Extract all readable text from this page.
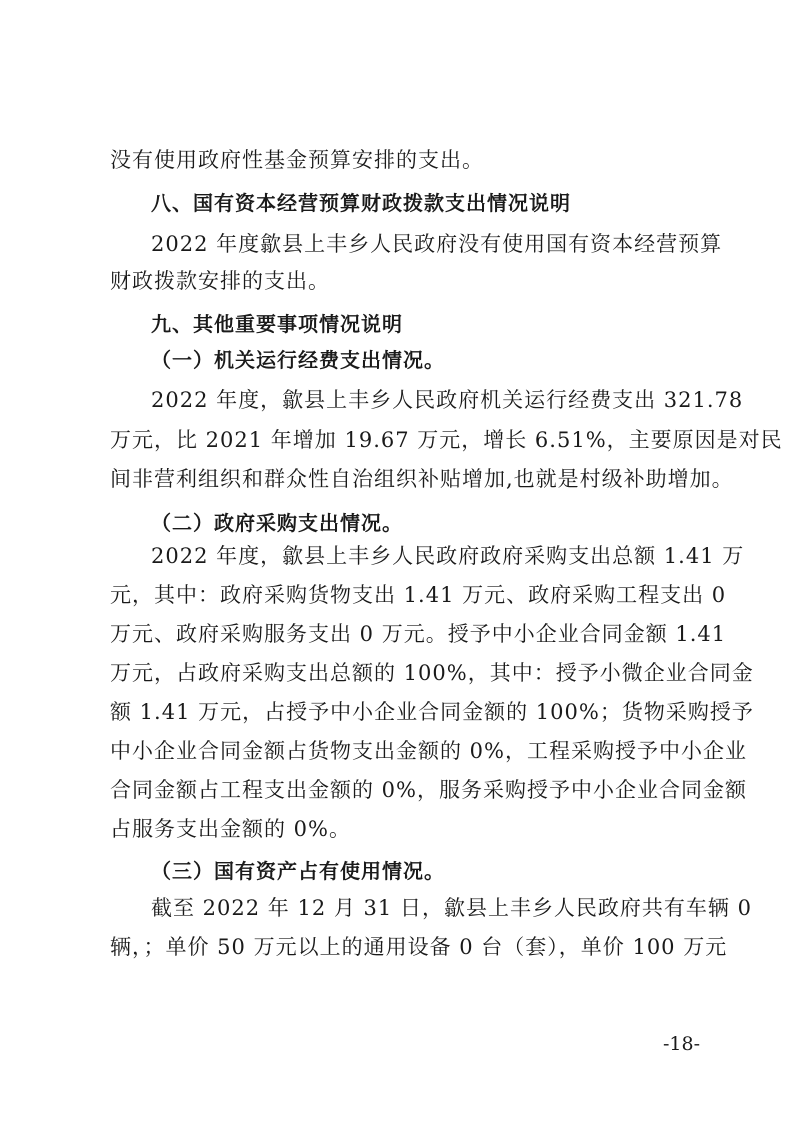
没有使用政府性基金预算安排的支出。
八、国有资本经营预算财政拨款支出情况说明
2022 年度歙县上丰乡人民政府没有使用国有资本经营预算
财政拨款安排的支出。
九、其他重要事项情况说明
（一）机关运行经费支出情况。
2022 年度，歙县上丰乡人民政府机关运行经费支出 321.78
万元，比 2021 年增加 19.67 万元，增长 6.51%，主要原因是对民
间非营利组织和群众性自治组织补贴增加,也就是村级补助增加。
（二）政府采购支出情况。
2022 年度，歙县上丰乡人民政府政府采购支出总额 1.41 万
元，其中：政府采购货物支出 1.41 万元、政府采购工程支出 0
万元、政府采购服务支出 0 万元。授予中小企业合同金额 1.41
万元，占政府采购支出总额的 100%，其中：授予小微企业合同金
额 1.41 万元，占授予中小企业合同金额的 100%；货物采购授予
中小企业合同金额占货物支出金额的 0%，工程采购授予中小企业
合同金额占工程支出金额的 0%，服务采购授予中小企业合同金额
占服务支出金额的 0%。
（三）国有资产占有使用情况。
截至 2022 年 12 月 31 日，歙县上丰乡人民政府共有车辆 0
辆，；单价 50 万元以上的通用设备 0 台（套），单价 100 万元
-18-
